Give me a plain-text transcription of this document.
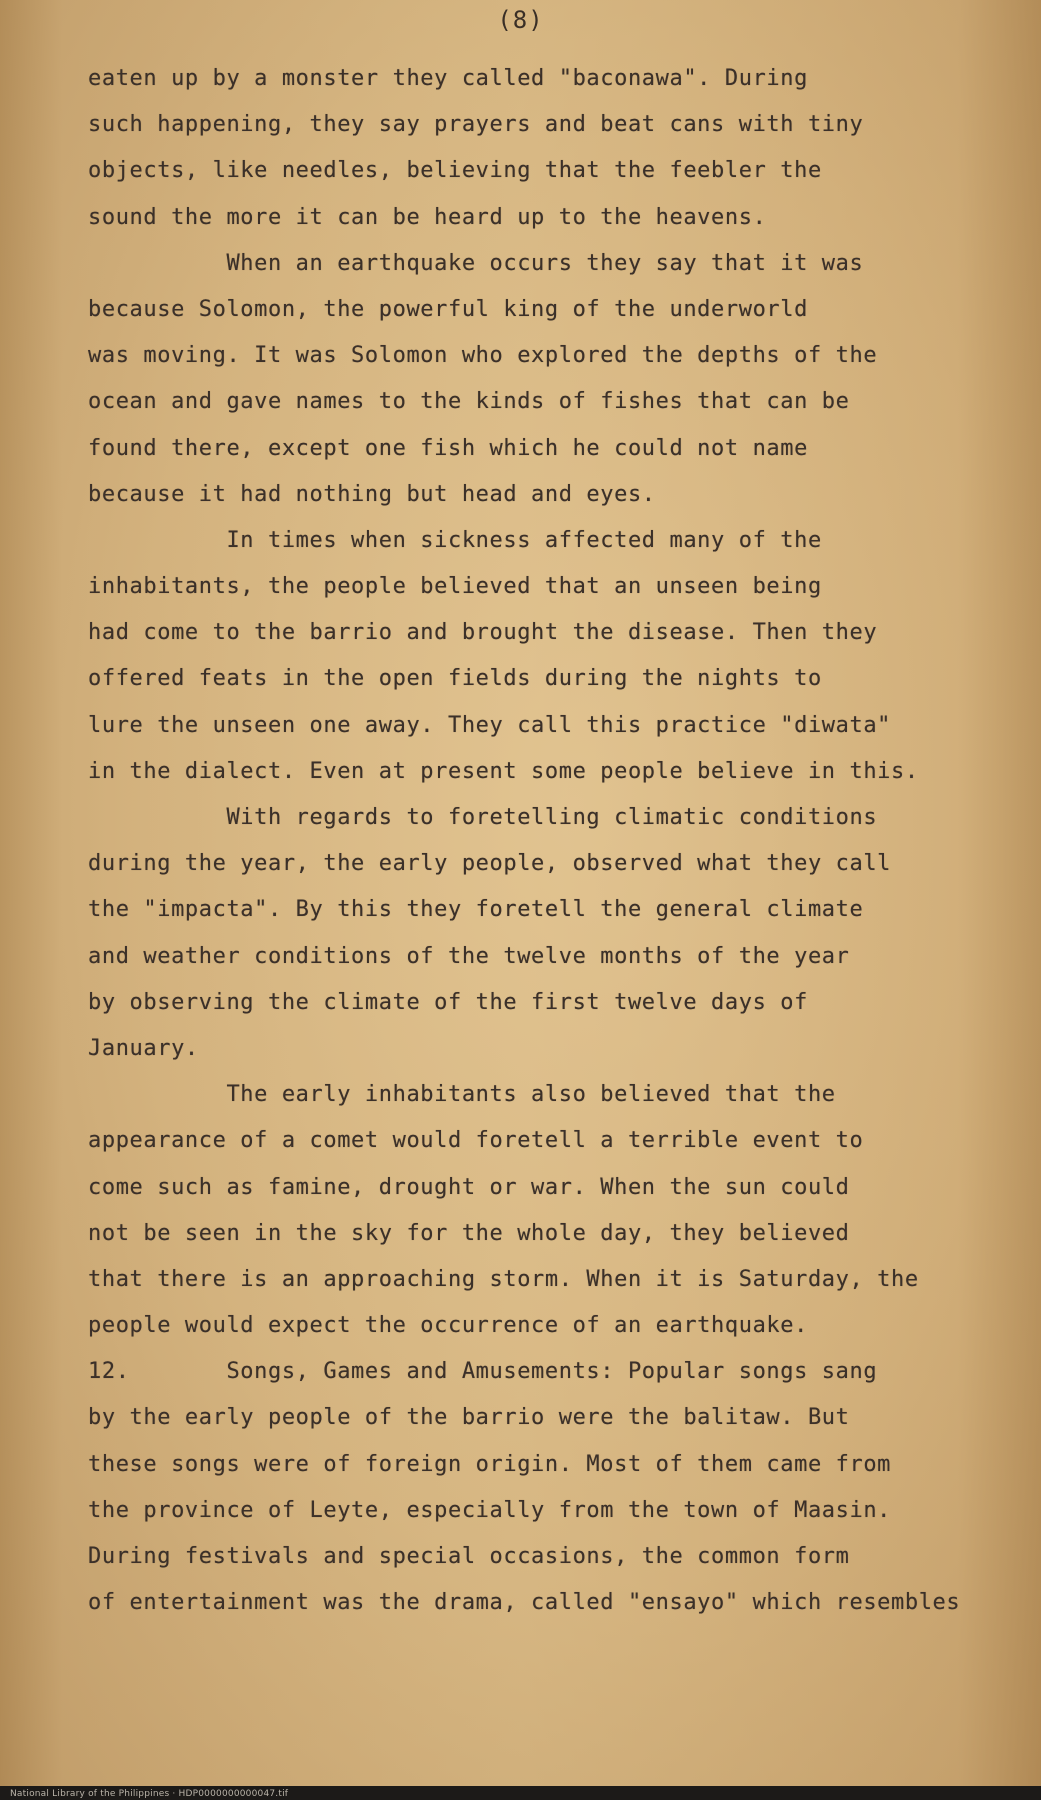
(8)
eaten up by a monster they called "baconawa". During
such happening, they say prayers and beat cans with tiny
objects, like needles, believing that the feebler the
sound the more it can be heard up to the heavens.
When an earthquake occurs they say that it was
because Solomon, the powerful king of the underworld
was moving. It was Solomon who explored the depths of the
ocean and gave names to the kinds of fishes that can be
found there, except one fish which he could not name
because it had nothing but head and eyes.
In times when sickness affected many of the
inhabitants, the people believed that an unseen being
had come to the barrio and brought the disease. Then they
offered feats in the open fields during the nights to
lure the unseen one away. They call this practice "diwata"
in the dialect. Even at present some people believe in this.
With regards to foretelling climatic conditions
during the year, the early people, observed what they call
the "impacta". By this they foretell the general climate
and weather conditions of the twelve months of the year
by observing the climate of the first twelve days of
January.
The early inhabitants also believed that the
appearance of a comet would foretell a terrible event to
come such as famine, drought or war. When the sun could
not be seen in the sky for the whole day, they believed
that there is an approaching storm. When it is Saturday, the
people would expect the occurrence of an earthquake.
12.       Songs, Games and Amusements: Popular songs sang
by the early people of the barrio were the balitaw. But
these songs were of foreign origin. Most of them came from
the province of Leyte, especially from the town of Maasin.
During festivals and special occasions, the common form
of entertainment was the drama, called "ensayo" which resembles
National Library of the Philippines · HDP0000000000047.tif
